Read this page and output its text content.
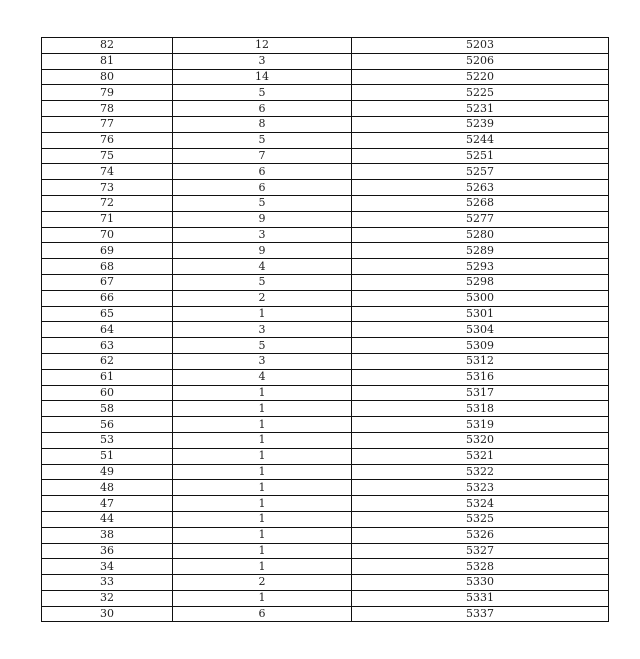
82	12	5203
81	3	5206
80	14	5220
79	5	5225
78	6	5231
77	8	5239
76	5	5244
75	7	5251
74	6	5257
73	6	5263
72	5	5268
71	9	5277
70	3	5280
69	9	5289
68	4	5293
67	5	5298
66	2	5300
65	1	5301
64	3	5304
63	5	5309
62	3	5312
61	4	5316
60	1	5317
58	1	5318
56	1	5319
53	1	5320
51	1	5321
49	1	5322
48	1	5323
47	1	5324
44	1	5325
38	1	5326
36	1	5327
34	1	5328
33	2	5330
32	1	5331
30	6	5337
